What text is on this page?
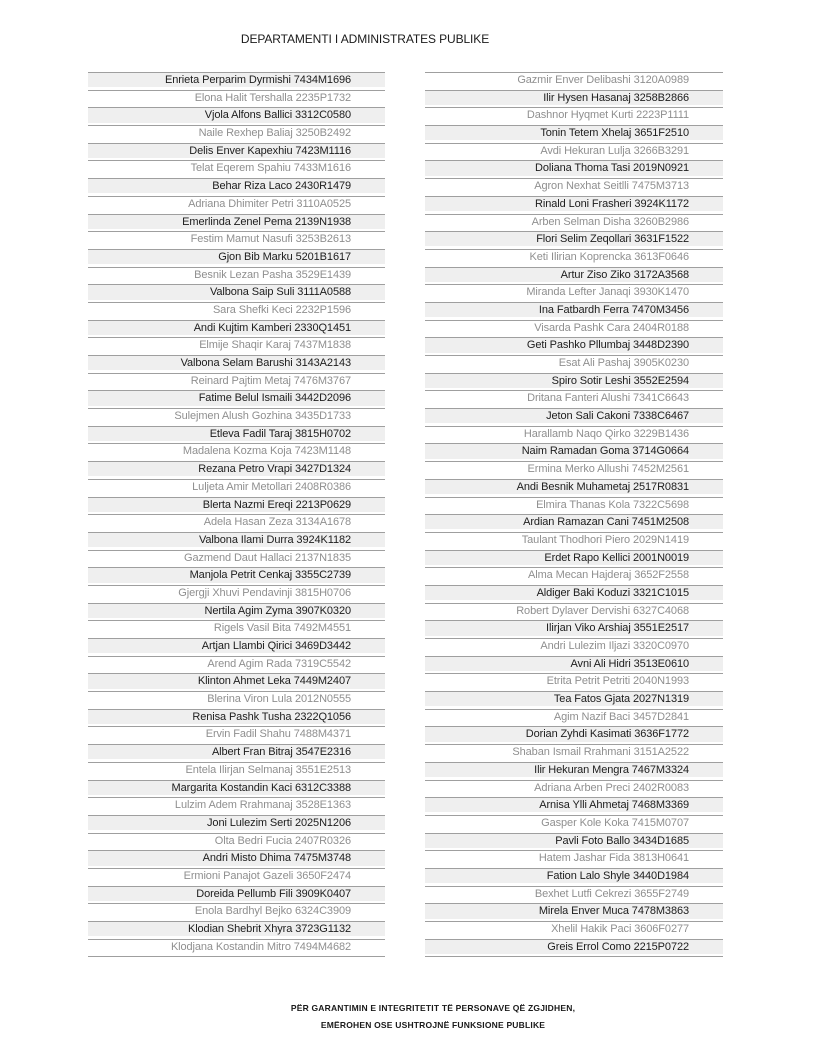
DEPARTAMENTI I ADMINISTRATES PUBLIKE
Enrieta Perparim Dyrmishi 7434M1696
Elona Halit Tershalla 2235P1732
Vjola Alfons Ballici 3312C0580
Naile Rexhep Baliaj 3250B2492
Delis Enver Kapexhiu 7423M1116
Telat Eqerem Spahiu 7433M1616
Behar Riza Laco 2430R1479
Adriana Dhimiter Petri 3110A0525
Emerlinda Zenel Pema 2139N1938
Festim Mamut Nasufi 3253B2613
Gjon Bib Marku 5201B1617
Besnik Lezan Pasha 3529E1439
Valbona Saip Suli 3111A0588
Sara Shefki Keci 2232P1596
Andi Kujtim Kamberi 2330Q1451
Elmije Shaqir Karaj 7437M1838
Valbona Selam Barushi 3143A2143
Reinard Pajtim Metaj 7476M3767
Fatime Belul Ismaili 3442D2096
Sulejmen Alush Gozhina 3435D1733
Etleva Fadil Taraj 3815H0702
Madalena Kozma Koja 7423M1148
Rezana Petro Vrapi 3427D1324
Luljeta Amir Metollari 2408R0386
Blerta Nazmi Ereqi 2213P0629
Adela Hasan Zeza 3134A1678
Valbona Ilami Durra 3924K1182
Gazmend Daut Hallaci 2137N1835
Manjola Petrit Cenkaj 3355C2739
Gjergji Xhuvi Pendavinji 3815H0706
Nertila Agim Zyma 3907K0320
Rigels Vasil Bita 7492M4551
Artjan Llambi Qirici 3469D3442
Arend Agim Rada 7319C5542
Klinton Ahmet Leka 7449M2407
Blerina Viron Lula 2012N0555
Renisa Pashk Tusha 2322Q1056
Ervin Fadil Shahu 7488M4371
Albert Fran Bitraj 3547E2316
Entela Ilirjan Selmanaj 3551E2513
Margarita Kostandin Kaci 6312C3388
Lulzim Adem Rrahmanaj 3528E1363
Joni Lulezim Serti 2025N1206
Olta Bedri Fucia 2407R0326
Andri Misto Dhima 7475M3748
Ermioni Panajot Gazeli 3650F2474
Doreida Pellumb Fili 3909K0407
Enola Bardhyl Bejko 6324C3909
Klodian Shebrit Xhyra 3723G1132
Klodjana Kostandin Mitro 7494M4682
Gazmir Enver Delibashi 3120A0989
Ilir Hysen Hasanaj 3258B2866
Dashnor Hyqmet Kurti 2223P1111
Tonin Tetem Xhelaj 3651F2510
Avdi Hekuran Lulja 3266B3291
Doliana Thoma Tasi 2019N0921
Agron Nexhat Seitlli 7475M3713
Rinald Loni Frasheri 3924K1172
Arben Selman Disha 3260B2986
Flori Selim Zeqollari 3631F1522
Keti Ilirian Koprencka 3613F0646
Artur Ziso Ziko 3172A3568
Miranda Lefter Janaqi 3930K1470
Ina Fatbardh Ferra 7470M3456
Visarda Pashk Cara 2404R0188
Geti Pashko Pllumbaj 3448D2390
Esat Ali Pashaj 3905K0230
Spiro Sotir Leshi 3552E2594
Dritana Fanteri Alushi 7341C6643
Jeton Sali Cakoni 7338C6467
Harallamb Naqo Qirko 3229B1436
Naim Ramadan Goma 3714G0664
Ermina Merko Allushi 7452M2561
Andi Besnik Muhametaj 2517R0831
Elmira Thanas Kola 7322C5698
Ardian Ramazan Cani 7451M2508
Taulant Thodhori Piero 2029N1419
Erdet Rapo Kellici 2001N0019
Alma Mecan Hajderaj 3652F2558
Aldiger Baki Koduzi 3321C1015
Robert Dylaver Dervishi 6327C4068
Ilirjan Viko Arshiaj 3551E2517
Andri Lulezim Iljazi 3320C0970
Avni Ali Hidri 3513E0610
Etrita Petrit Petriti 2040N1993
Tea Fatos Gjata 2027N1319
Agim Nazif Baci 3457D2841
Dorian Zyhdi Kasimati 3636F1772
Shaban Ismail Rrahmani 3151A2522
Ilir Hekuran Mengra 7467M3324
Adriana Arben Preci 2402R0083
Arnisa Ylli Ahmetaj 7468M3369
Gasper Kole Koka 7415M0707
Pavli Foto Ballo 3434D1685
Hatem Jashar Fida 3813H0641
Fation Lalo Shyle 3440D1984
Bexhet Lutfi Cekrezi 3655F2749
Mirela Enver Muca 7478M3863
Xhelil Hakik Paci 3606F0277
Greis Errol Como 2215P0722
PËR GARANTIMIN E INTEGRITETIT TË PERSONAVE QË ZGJIDHEN,
EMËROHEN OSE USHTROJNË FUNKSIONE PUBLIKE
